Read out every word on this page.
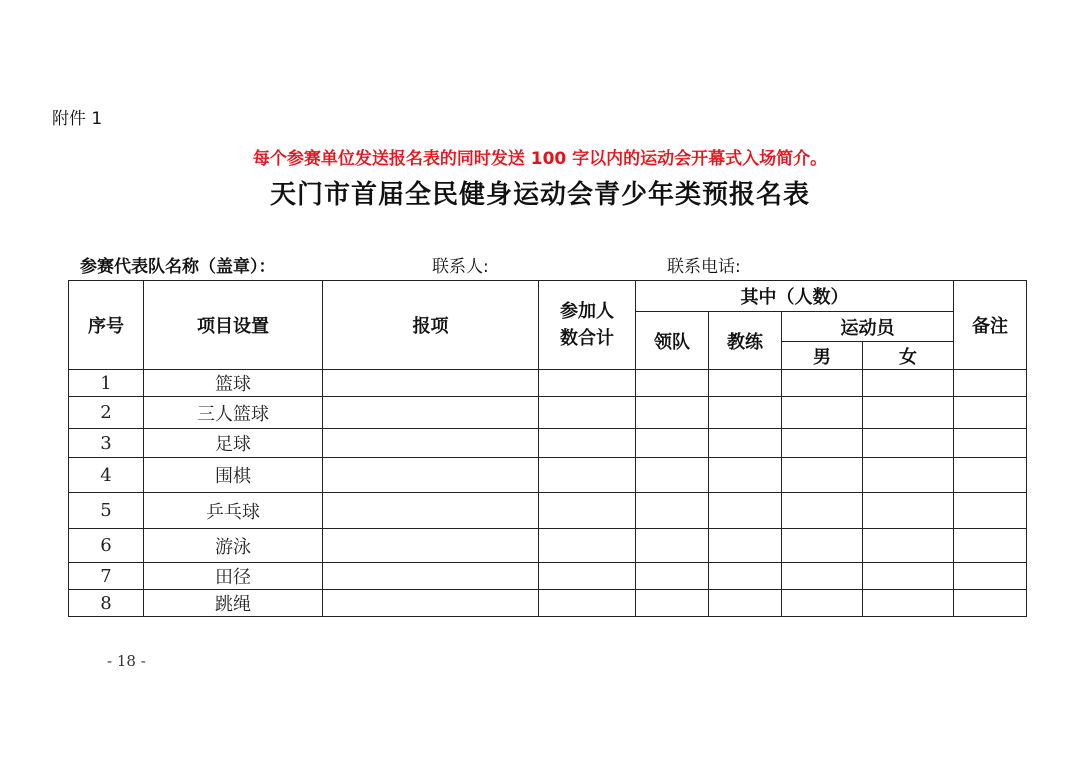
附件 1
每个参赛单位发送报名表的同时发送 100 字以内的运动会开幕式入场简介。
天门市首届全民健身运动会青少年类预报名表
参赛代表队名称（盖章）：	联系人:	联系电话:
序号	项目设置	报项	参加人数合计	其中（人数）				备注
				领队	教练	运动员		
						男	女	
1	篮球							
2	三人篮球							
3	足球							
4	围棋							
5	乒乓球							
6	游泳							
7	田径							
8	跳绳							
- 18 -
